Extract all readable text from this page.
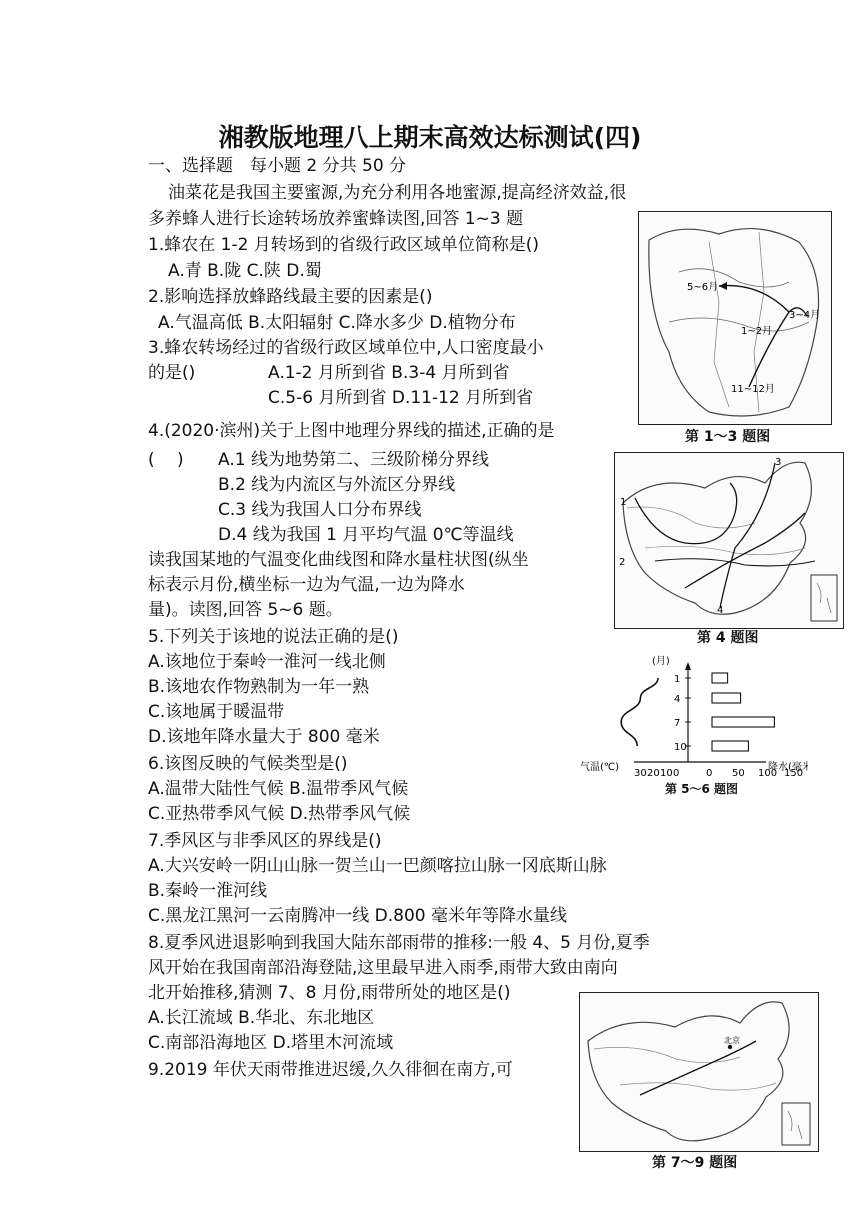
湘教版地理八上期末高效达标测试(四)
一、选择题　每小题 2 分共 50 分
油菜花是我国主要蜜源,为充分利用各地蜜源,提高经济效益,很
多养蜂人进行长途转场放养蜜蜂读图,回答 1~3 题
1.蜂农在 1-2 月转场到的省级行政区域单位简称是()
A.青 B.陇 C.陕 D.蜀
2.影响选择放蜂路线最主要的因素是()
A.气温高低 B.太阳辐射 C.降水多少 D.植物分布
3.蜂农转场经过的省级行政区域单位中,人口密度最小
的是()	A.1-2 月所到省 B.3-4 月所到省
C.5-6 月所到省 D.11-12 月所到省
4.(2020·滨州)关于上图中地理分界线的描述,正确的是
(　 ) A.1 线为地势第二、三级阶梯分界线
B.2 线为内流区与外流区分界线
C.3 线为我国人口分布界线
D.4 线为我国 1 月平均气温 0℃等温线
读我国某地的气温变化曲线图和降水量柱状图(纵坐
标表示月份,横坐标一边为气温,一边为降水
量)。读图,回答 5~6 题。
5.下列关于该地的说法正确的是()
A.该地位于秦岭一淮河一线北侧
B.该地农作物熟制为一年一熟
C.该地属于暖温带
D.该地年降水量大于 800 毫米
6.该图反映的气候类型是()
A.温带大陆性气候 B.温带季风气候
C.亚热带季风气候 D.热带季风气候
7.季风区与非季风区的界线是()
A.大兴安岭一阴山山脉一贺兰山一巴颜喀拉山脉一冈底斯山脉
B.秦岭一淮河线
C.黑龙江黑河一云南腾冲一线 D.800 毫米年等降水量线
8.夏季风进退影响到我国大陆东部雨带的推移:一般 4、5 月份,夏季
风开始在我国南部沿海登陆,这里最早进入雨季,雨带大致由南向
北开始推移,猜测 7、8 月份,雨带所处的地区是()
A.长江流域 B.华北、东北地区
C.南部沿海地区 D.塔里木河流域
9.2019 年伏天雨带推进迟缓,久久徘徊在南方,可
5~6月
3~4月
1~2月
11~12月
第 1～3 题图
1
2
3
4
第 4 题图
(月)
1
4
7
10
气温(℃)
30 20 10 0	0 50 100 150
降水(毫米
第 5～6 题图
北京
第 7～9 题图
